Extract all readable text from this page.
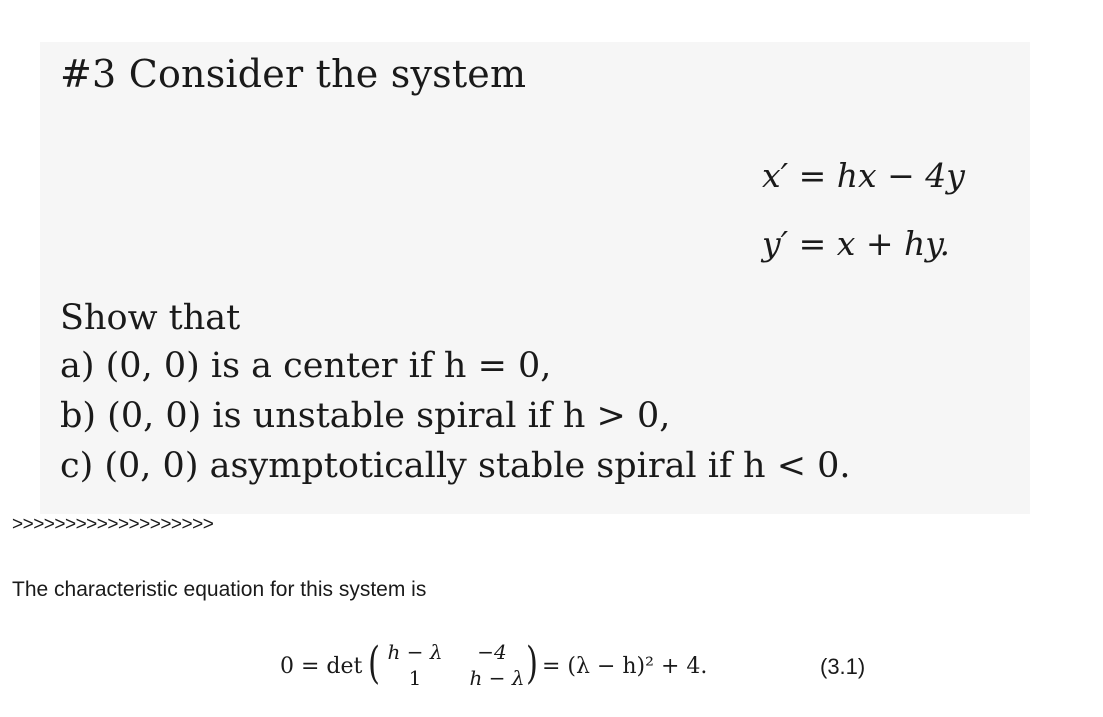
#3 Consider the system
x′ = hx − 4y
y′ = x + hy.
Show that
a) (0, 0) is a center if h = 0,
b) (0, 0) is unstable spiral if h > 0,
c) (0, 0) asymptotically stable spiral if h < 0.
>>>>>>>>>>>>>>>>>>>
The characteristic equation for this system is
0 = det ( h − λ	−4
1	h − λ ) = (λ − h)² + 4.	(3.1)
